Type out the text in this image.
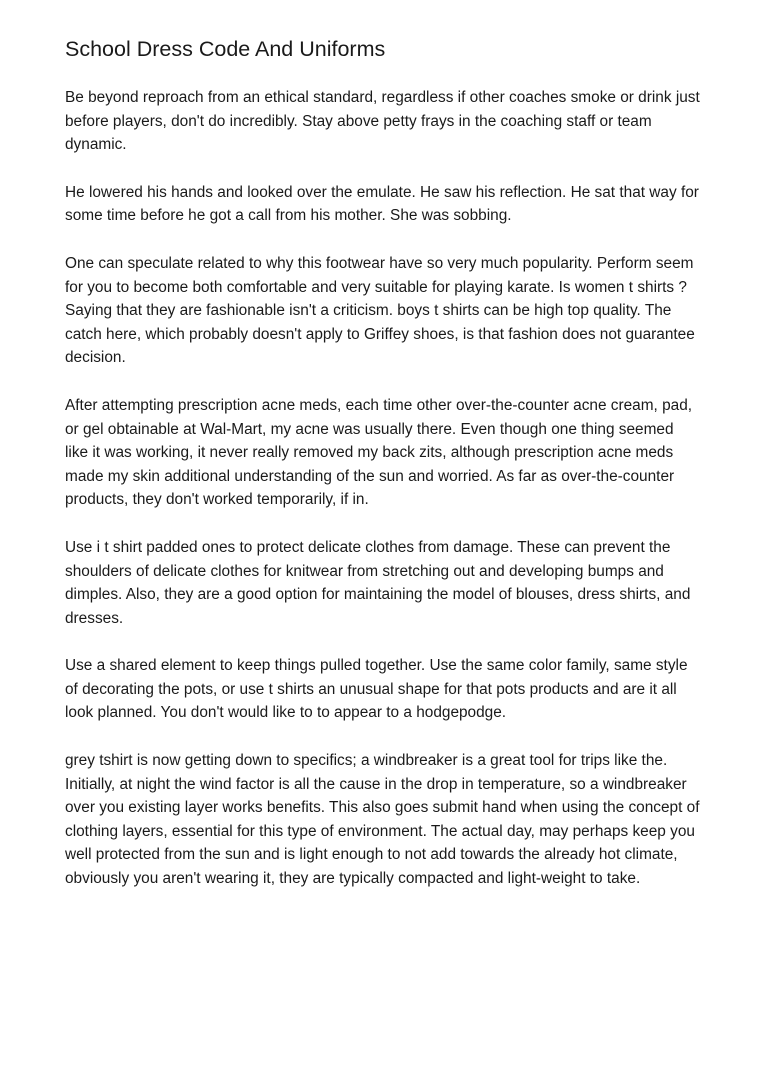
School Dress Code And Uniforms

Be beyond reproach from an ethical standard, regardless if other coaches smoke or drink just
before players, don't do incredibly. Stay above petty frays in the coaching staff or team
dynamic.

He lowered his hands and looked over the emulate. He saw his reflection. He sat that way for
some time before he got a call from his mother. She was sobbing.

One can speculate related to why this footwear have so very much popularity. Perform seem
for you to become both comfortable and very suitable for playing karate. Is women t shirts ?
Saying that they are fashionable isn't a criticism. boys t shirts can be high top quality. The
catch here, which probably doesn't apply to Griffey shoes, is that fashion does not guarantee
decision.

After attempting prescription acne meds, each time other over-the-counter acne cream, pad,
or gel obtainable at Wal-Mart, my acne was usually there. Even though one thing seemed
like it was working, it never really removed my back zits, although prescription acne meds
made my skin additional understanding of the sun and worried. As far as over-the-counter
products, they don't worked temporarily, if in.

Use i t shirt padded ones to protect delicate clothes from damage. These can prevent the
shoulders of delicate clothes for knitwear from stretching out and developing bumps and
dimples. Also, they are a good option for maintaining the model of blouses, dress shirts, and
dresses.

Use a shared element to keep things pulled together. Use the same color family, same style
of decorating the pots, or use t shirts an unusual shape for that pots products and are it all
look planned. You don't would like to to appear to a hodgepodge.

grey tshirt is now getting down to specifics; a windbreaker is a great tool for trips like the.
Initially, at night the wind factor is all the cause in the drop in temperature, so a windbreaker
over you existing layer works benefits. This also goes submit hand when using the concept of
clothing layers, essential for this type of environment. The actual day, may perhaps keep you
well protected from the sun and is light enough to not add towards the already hot climate,
obviously you aren't wearing it, they are typically compacted and light-weight to take.
